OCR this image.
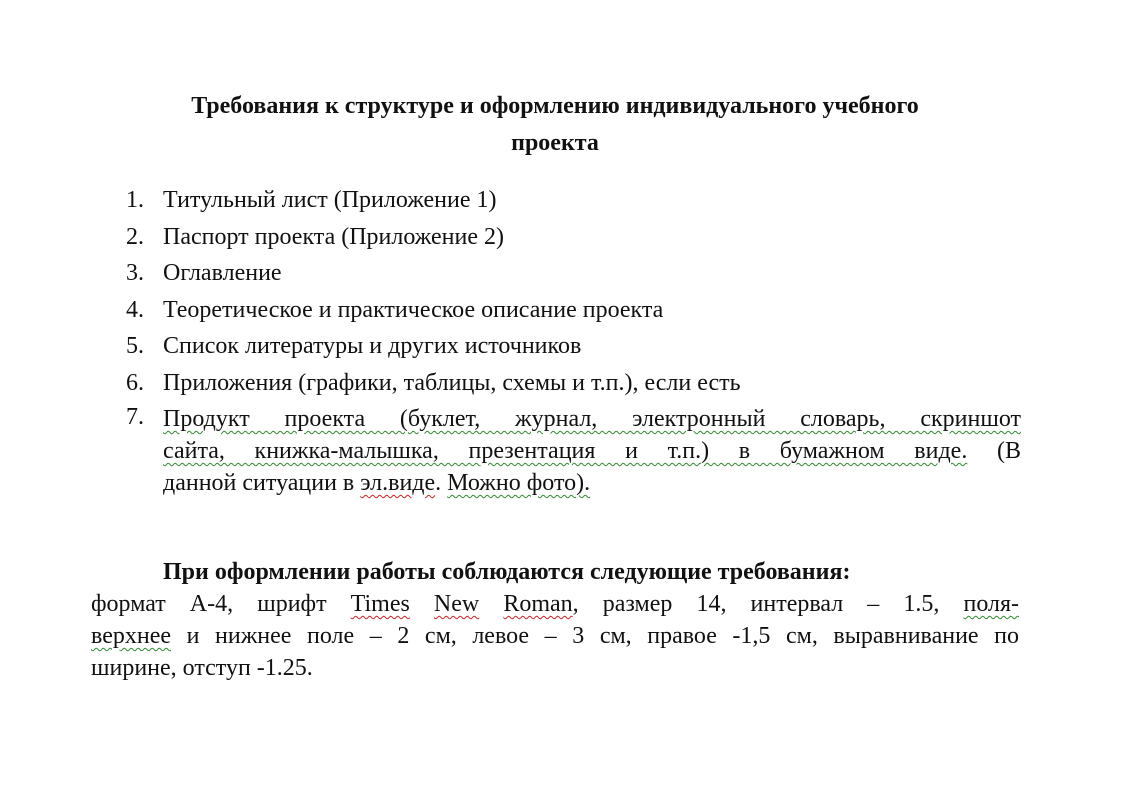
Требования к структуре и оформлению индивидуального учебного
проекта
1. Титульный лист (Приложение 1)
2. Паспорт проекта (Приложение 2)
3. Оглавление
4. Теоретическое и практическое описание проекта
5. Список литературы и других источников
6. Приложения (графики, таблицы, схемы и т.п.), если есть
7. Продукт проекта (буклет, журнал, электронный словарь, скриншот
сайта, книжка-малышка, презентация и т.п.) в бумажном виде. (В
данной ситуации в эл.виде. Можно фото).

При оформлении работы соблюдаются следующие требования:

формат А-4, шрифт Times New Roman, размер 14, интервал – 1.5, поля-
верхнее и нижнее поле – 2 см, левое – 3 см, правое -1,5 см, выравнивание по
ширине, отступ -1.25.
